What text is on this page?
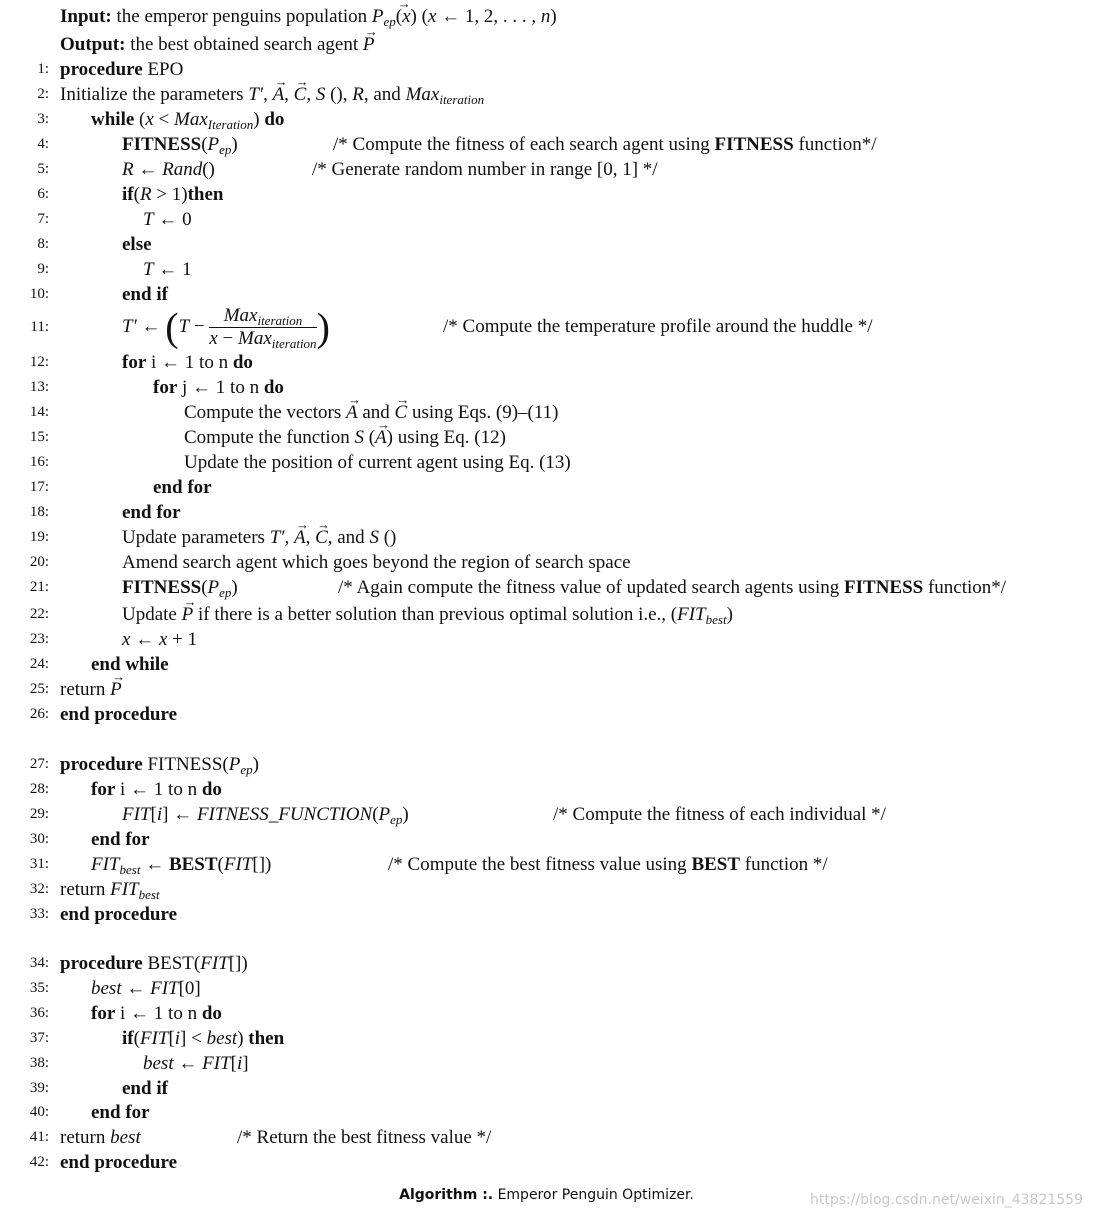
Input: the emperor penguins population $P_{ep}\to (x)$ (x ← 1, 2, . . . , n)
Output: the best obtained search agent → P
1: procedure EPO
2: Initialize the parameters T′, → A, → C, S (), R, and Max$_{iteration}$
3: while (x < Max$_{Iteration}$) do
4:	$FITNESS(P_{ep})$	/* Compute the fitness of each search agent using FITNESS function*/
5:	R ← Rand()	/* Generate random number in range [0, 1] */
6:	if(R > 1)then
7:	T ← 0
8:	else
9:	T ← 1
10:	end if
11:	T′ ← ($T - \frac{Max_{iteration}}{x - Max_{iteration}}$ )	/* Compute the temperature profile around the huddle */
12:	for i ← 1 to n do
13:	for j ← 1 to n do
14:	Compute the vectors → A and → C using Eqs. (9)–(11)
15:	Compute the function S (→ A) using Eq. (12)
16:	Update the position of current agent using Eq. (13)
17:	end for
18:	end for
19:	Update parameters T′, → A, → C, and S ()
20:	Amend search agent which goes beyond the region of search space
21:	$FITNESS(P_{ep})$	/* Again compute the fitness value of updated search agents using FITNESS function*/
22:	Update → P if there is a better solution than previous optimal solution i.e., $(FIT_{best})$
23:	x ← x + 1
24: end while
25: return → P
26: end procedure
27: procedure $FITNESS(P_{ep})$
28: for i ← 1 to n do
29:	FIT[i] ← $FITNESS\_FUNCTION(P_{ep})$	/* Compute the fitness of each individual */
30: end for
31: $FIT_{best}$ ← BEST(FIT[])	/* Compute the best fitness value using BEST function */
32: return $FIT_{best}$
33: end procedure
34: procedure BEST(FIT[])
35: best ← FIT[0]
36: for i ← 1 to n do
37:	if(FIT[i] < best) then
38:	best ← FIT[i]
39:	end if
40: end for
41: return best	/* Return the best fitness value */
42: end procedure
Algorithm :. Emperor Penguin Optimizer.	https://blog.csdn.net/weixin_43821559
